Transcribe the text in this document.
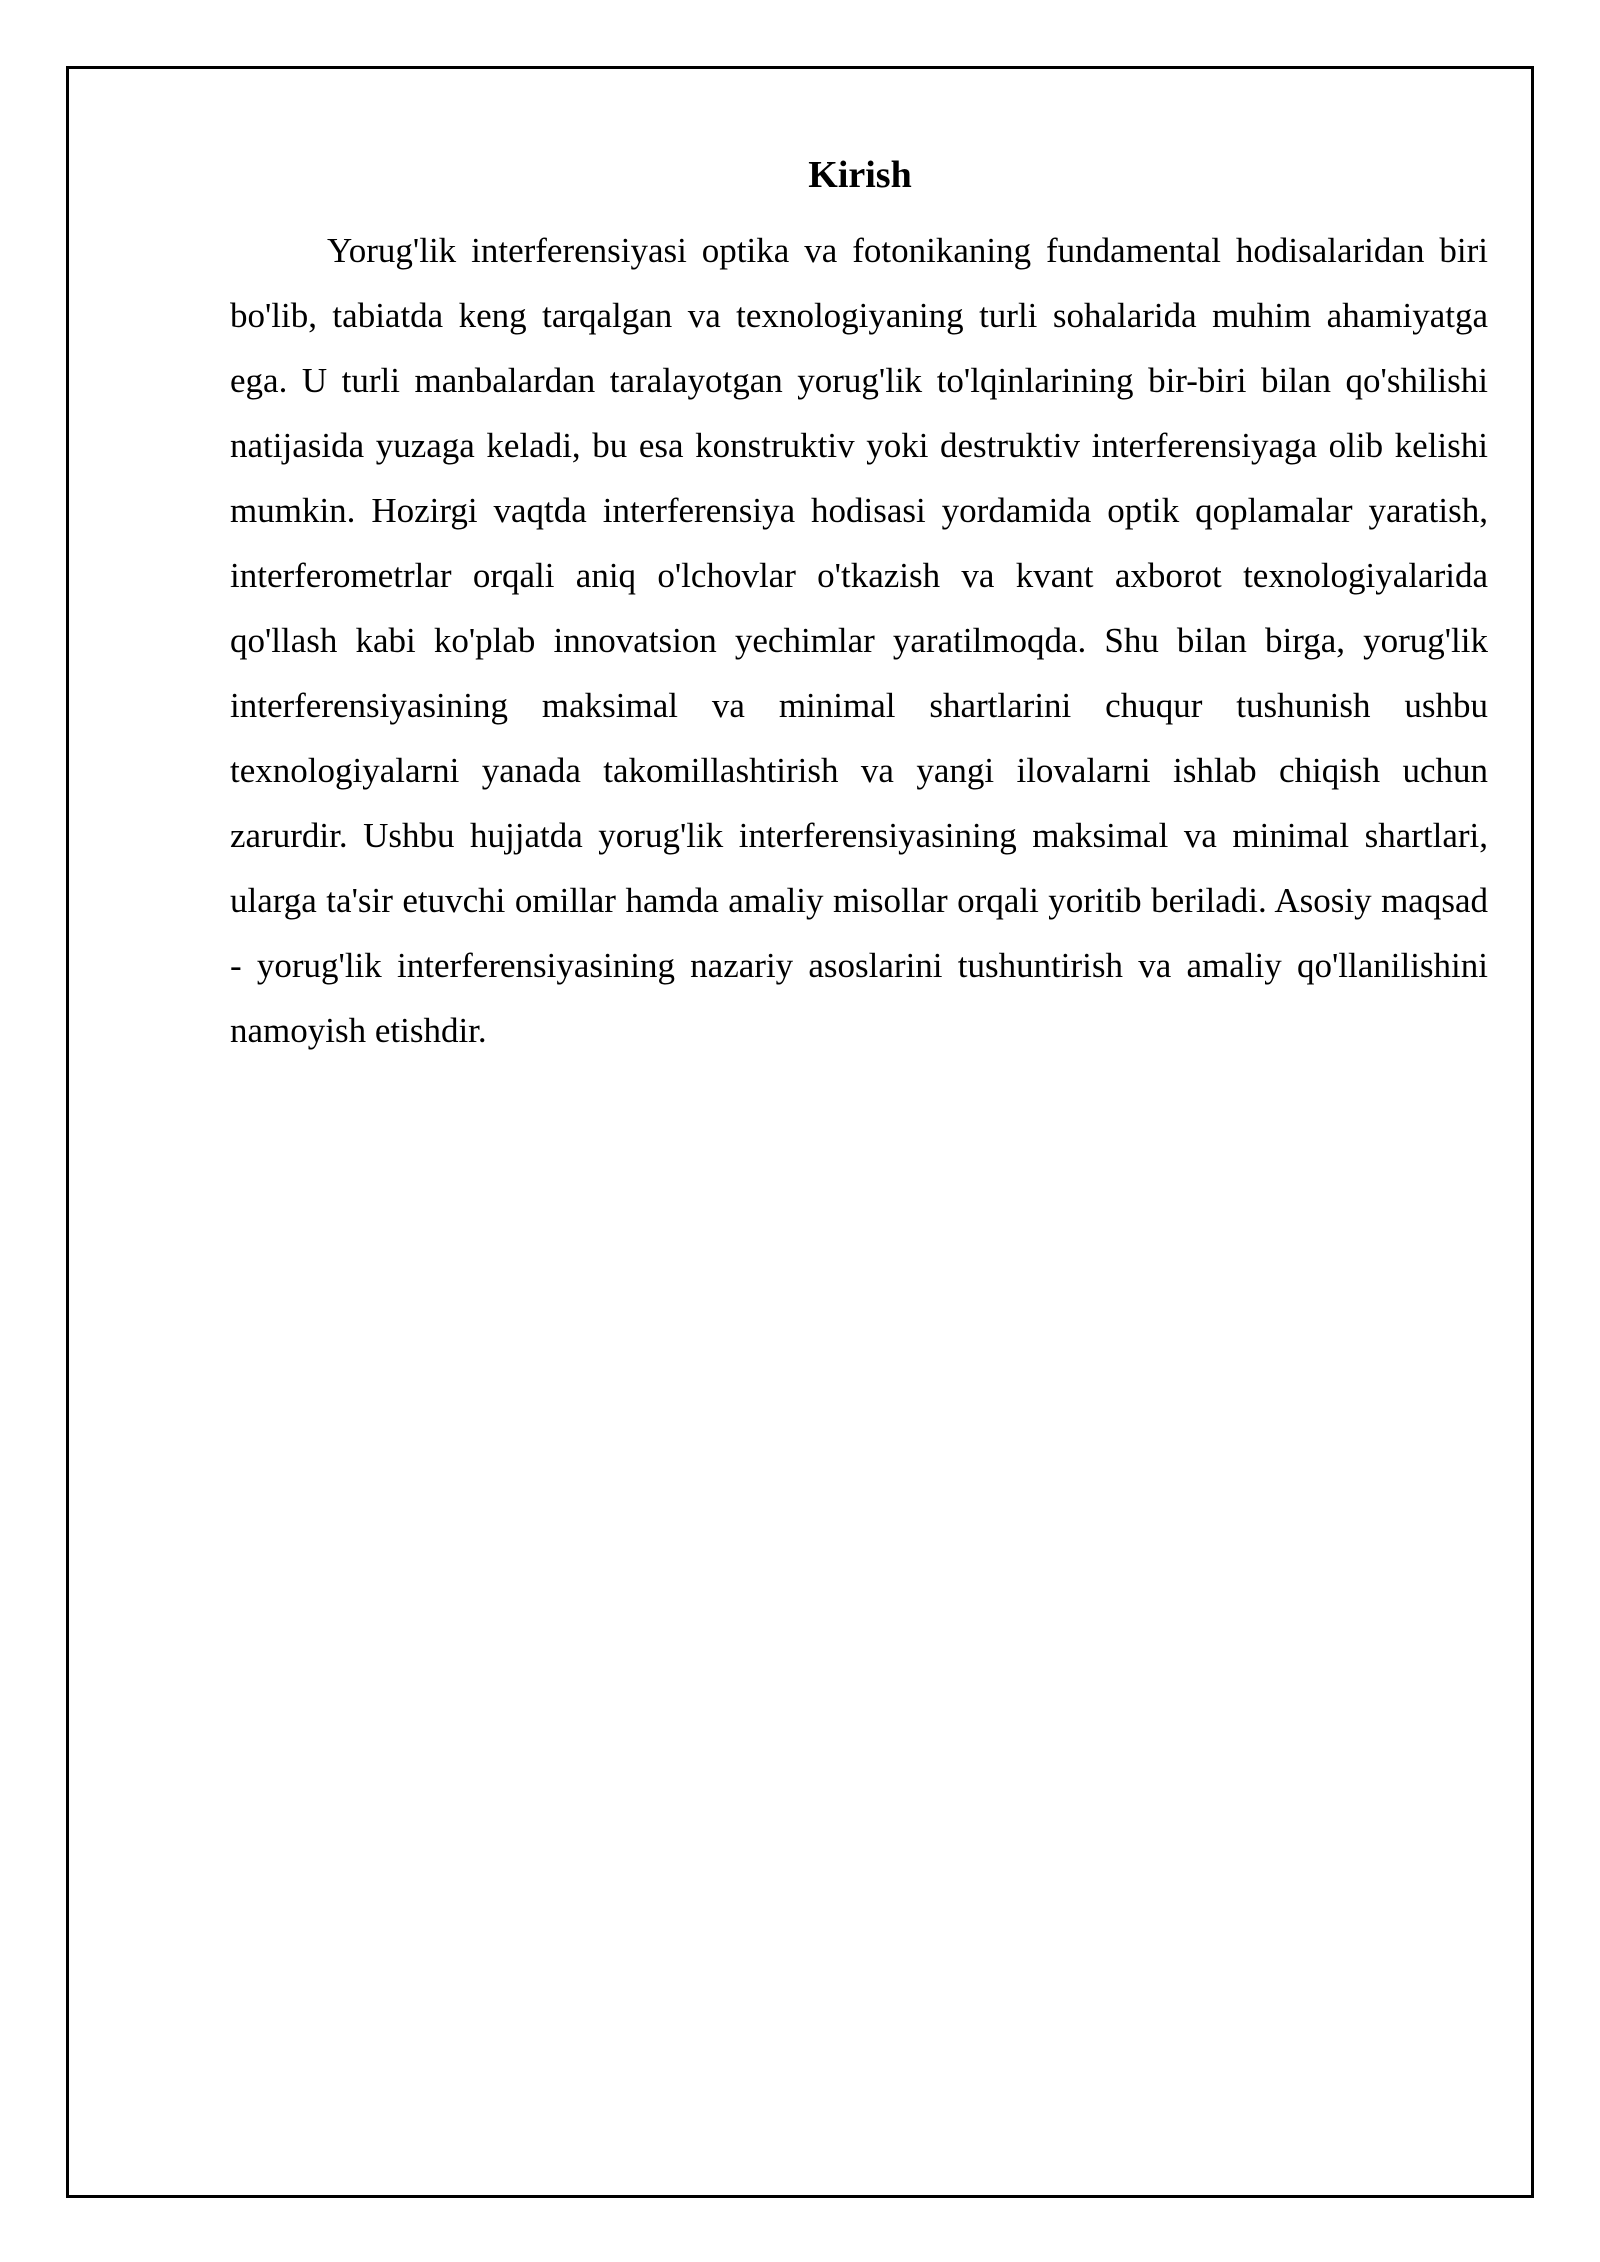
Kirish

Yorug'lik interferensiyasi optika va fotonikaning fundamental hodisalaridan biri bo'lib, tabiatda keng tarqalgan va texnologiyaning turli sohalarida muhim ahamiyatga ega. U turli manbalardan taralayotgan yorug'lik to'lqinlarining bir-biri bilan qo'shilishi natijasida yuzaga keladi, bu esa konstruktiv yoki destruktiv interferensiyaga olib kelishi mumkin. Hozirgi vaqtda interferensiya hodisasi yordamida optik qoplamalar yaratish, interferometrlar orqali aniq o'lchovlar o'tkazish va kvant axborot texnologiyalarida qo'llash kabi ko'plab innovatsion yechimlar yaratilmoqda. Shu bilan birga, yorug'lik interferensiyasining maksimal va minimal shartlarini chuqur tushunish ushbu texnologiyalarni yanada takomillashtirish va yangi ilovalarni ishlab chiqish uchun zarurdir. Ushbu hujjatda yorug'lik interferensiyasining maksimal va minimal shartlari, ularga ta'sir etuvchi omillar hamda amaliy misollar orqali yoritib beriladi. Asosiy maqsad - yorug'lik interferensiyasining nazariy asoslarini tushuntirish va amaliy qo'llanilishini namoyish etishdir.
